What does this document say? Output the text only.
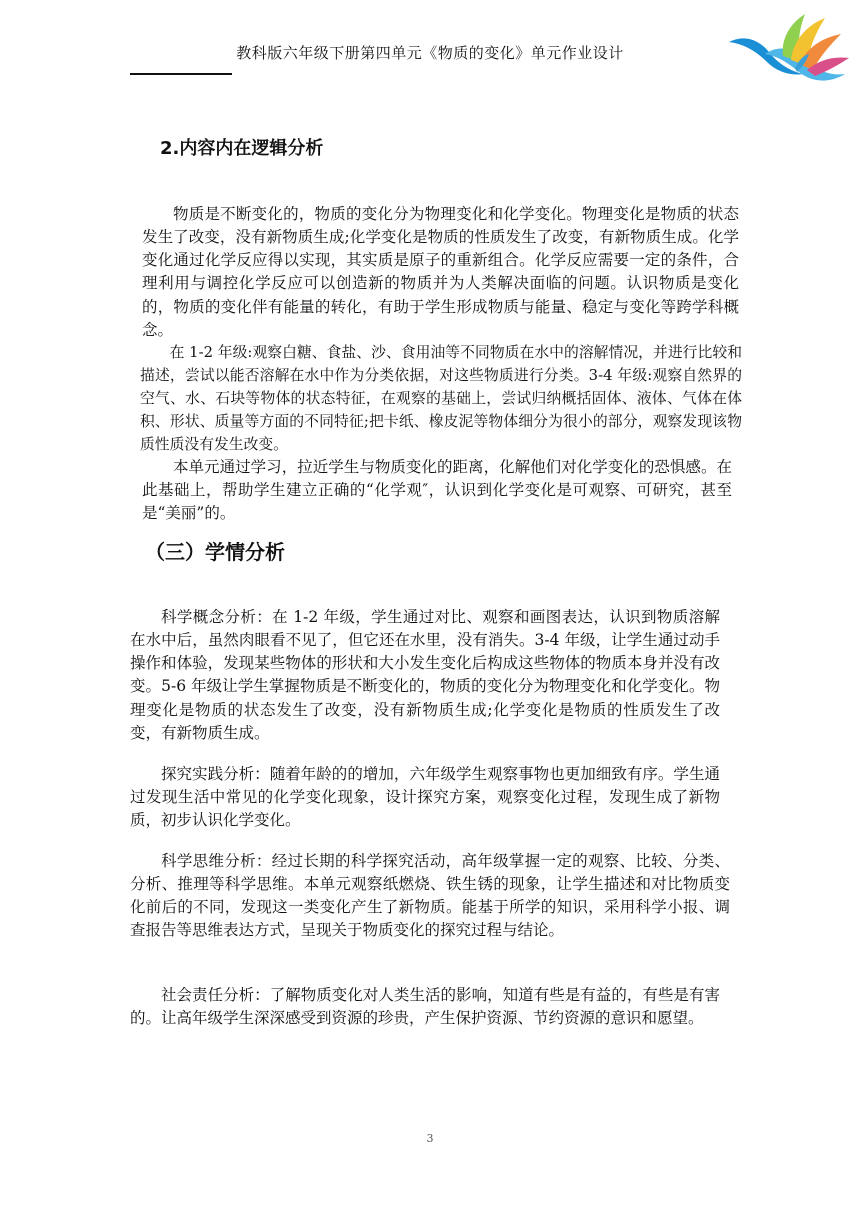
教科版六年级下册第四单元《物质的变化》单元作业设计
2.内容内在逻辑分析

物质是不断变化的，物质的变化分为物理变化和化学变化。物理变化是物质的状态发生了改变，没有新物质生成;化学变化是物质的性质发生了改变，有新物质生成。化学变化通过化学反应得以实现，其实质是原子的重新组合。化学反应需要一定的条件，合理利用与调控化学反应可以创造新的物质并为人类解决面临的问题。认识物质是变化的，物质的变化伴有能量的转化，有助于学生形成物质与能量、稳定与变化等跨学科概念。

在 1-2 年级:观察白糖、食盐、沙、食用油等不同物质在水中的溶解情况，并进行比较和描述，尝试以能否溶解在水中作为分类依据，对这些物质进行分类。3-4 年级:观察自然界的空气、水、石块等物体的状态特征，在观察的基础上，尝试归纳概括固体、液体、气体在体积、形状、质量等方面的不同特征;把卡纸、橡皮泥等物体细分为很小的部分，观察发现该物质性质没有发生改变。

本单元通过学习，拉近学生与物质变化的距离，化解他们对化学变化的恐惧感。在此基础上，帮助学生建立正确的“化学观″，认识到化学变化是可观察、可研究，甚至是“美丽”的。

（三）学情分析

科学概念分析：在 1-2 年级，学生通过对比、观察和画图表达，认识到物质溶解在水中后，虽然肉眼看不见了，但它还在水里，没有消失。3-4 年级，让学生通过动手操作和体验，发现某些物体的形状和大小发生变化后构成这些物体的物质本身并没有改变。5-6 年级让学生掌握物质是不断变化的，物质的变化分为物理变化和化学变化。物理变化是物质的状态发生了改变，没有新物质生成;化学变化是物质的性质发生了改变，有新物质生成。

探究实践分析：随着年龄的的增加，六年级学生观察事物也更加细致有序。学生通过发现生活中常见的化学变化现象，设计探究方案，观察变化过程，发现生成了新物质，初步认识化学变化。

科学思维分析：经过长期的科学探究活动，高年级掌握一定的观察、比较、分类、分析、推理等科学思维。本单元观察纸燃烧、铁生锈的现象，让学生描述和对比物质变化前后的不同，发现这一类变化产生了新物质。能基于所学的知识，采用科学小报、调查报告等思维表达方式，呈现关于物质变化的探究过程与结论。

社会责任分析：了解物质变化对人类生活的影响，知道有些是有益的，有些是有害的。让高年级学生深深感受到资源的珍贵，产生保护资源、节约资源的意识和愿望。

3
